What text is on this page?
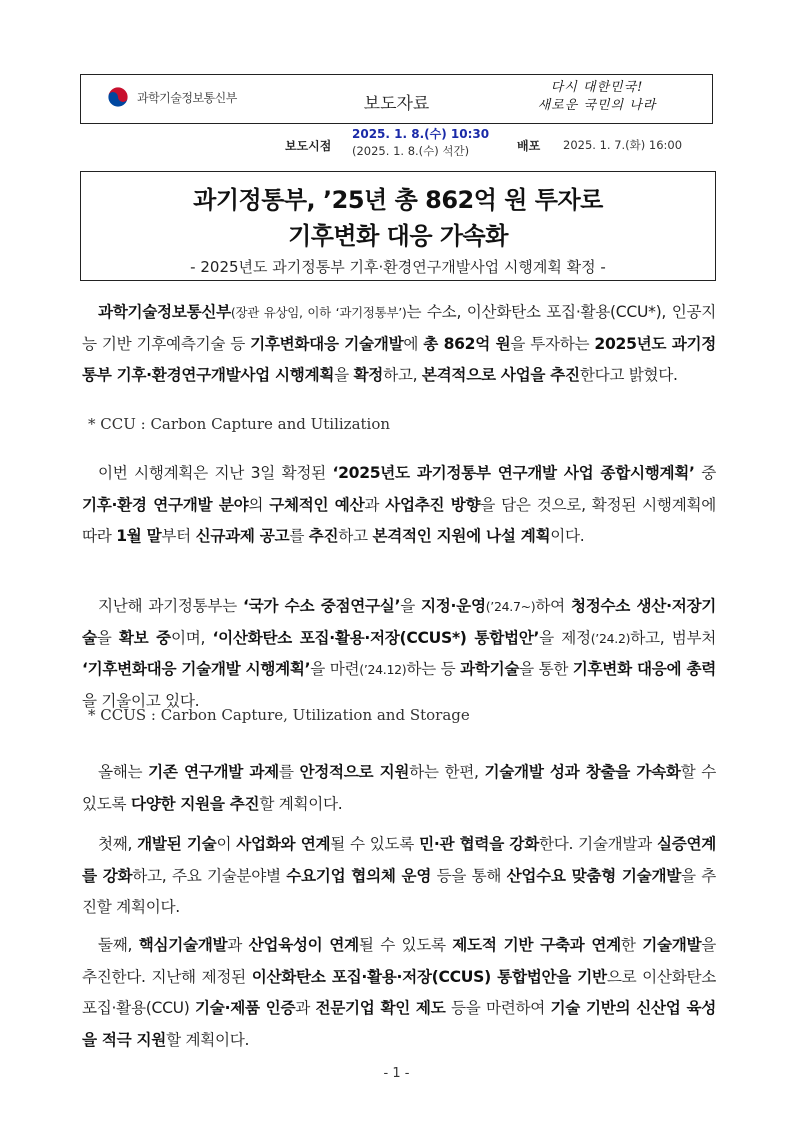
과학기술정보통신부	보도자료
다시 대한민국!
새로운 국민의 나라
보도시점
2025. 1. 8.(수) 10:30
(2025. 1. 8.(수) 석간)	배포 2025. 1. 7.(화) 16:00
과기정통부, ’25년 총 862억 원 투자로
기후변화 대응 가속화
- 2025년도 과기정통부 기후·환경연구개발사업 시행계획 확정 -
과학기술정보통신부(장관 유상임, 이하 ‘과기정통부’)는 수소, 이산화탄소 포집·활용(CCU*), 인공지능 기반 기후예측기술 등 기후변화대응 기술개발에 총 862억 원을 투자하는 2025년도 과기정통부 기후·환경연구개발사업 시행계획을 확정하고, 본격적으로 사업을 추진한다고 밝혔다.
* CCU : Carbon Capture and Utilization
이번 시행계획은 지난 3일 확정된 ‘2025년도 과기정통부 연구개발 사업 종합시행계획’ 중 기후·환경 연구개발 분야의 구체적인 예산과 사업추진 방향을 담은 것으로, 확정된 시행계획에 따라 1월 말부터 신규과제 공고를 추진하고 본격적인 지원에 나설 계획이다.
지난해 과기정통부는 ‘국가 수소 중점연구실’을 지정·운영(’24.7~)하여 청정수소 생산·저장기술을 확보 중이며, ‘이산화탄소 포집·활용·저장(CCUS*) 통합법안’을 제정(’24.2)하고, 범부처 ‘기후변화대응 기술개발 시행계획’을 마련(’24.12)하는 등 과학기술을 통한 기후변화 대응에 총력을 기울이고 있다.
* CCUS : Carbon Capture, Utilization and Storage
올해는 기존 연구개발 과제를 안정적으로 지원하는 한편, 기술개발 성과 창출을 가속화할 수 있도록 다양한 지원을 추진할 계획이다.
첫째, 개발된 기술이 사업화와 연계될 수 있도록 민·관 협력을 강화한다. 기술개발과 실증연계를 강화하고, 주요 기술분야별 수요기업 협의체 운영 등을 통해 산업수요 맞춤형 기술개발을 추진할 계획이다.
둘째, 핵심기술개발과 산업육성이 연계될 수 있도록 제도적 기반 구축과 연계한 기술개발을 추진한다. 지난해 제정된 이산화탄소 포집·활용·저장(CCUS) 통합법안을 기반으로 이산화탄소 포집·활용(CCU) 기술·제품 인증과 전문기업 확인 제도 등을 마련하여 기술 기반의 신산업 육성을 적극 지원할 계획이다.
- 1 -
